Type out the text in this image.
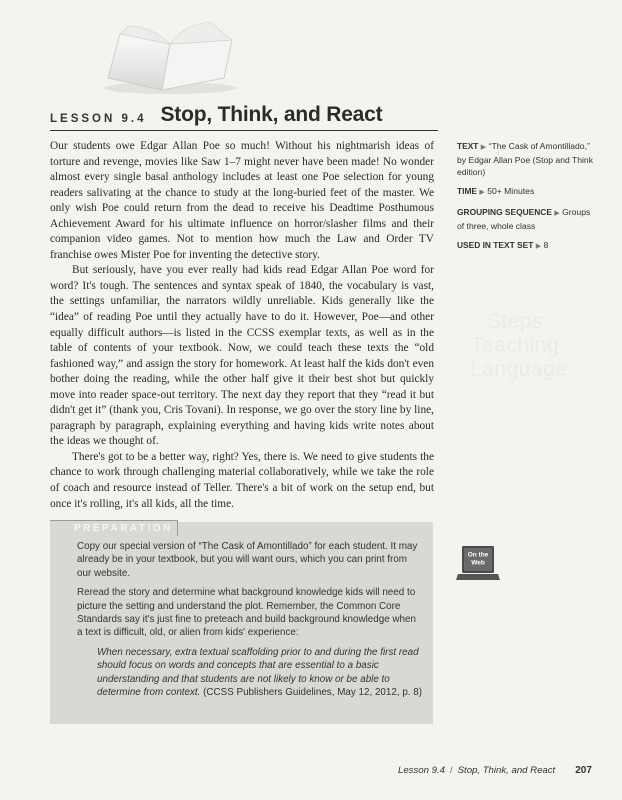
LESSON 9.4 Stop, Think, and React

Our students owe Edgar Allan Poe so much! Without his nightmarish ideas of torture and revenge, movies like Saw 1–7 might never have been made! No wonder almost every single basal anthology includes at least one Poe selection for young readers salivating at the chance to study at the long-buried feet of the master. We only wish Poe could return from the dead to receive his Deadtime Posthumous Achievement Award for his ultimate influence on horror/slasher films and their companion video games. Not to mention how much the Law and Order TV franchise owes Mister Poe for inventing the detective story.

But seriously, have you ever really had kids read Edgar Allan Poe word for word? It's tough. The sentences and syntax speak of 1840, the vocabulary is vast, the settings unfamiliar, the narrators wildly unreliable. Kids generally like the “idea” of reading Poe until they actually have to do it. However, Poe—and other equally difficult authors—is listed in the CCSS exemplar texts, as well as in the table of contents of your textbook. Now, we could teach these texts the “old fashioned way,” and assign the story for homework. At least half the kids don't even bother doing the reading, while the other half give it their best shot but quickly move into reader space-out territory. The next day they report that they “read it but didn't get it” (thank you, Cris Tovani). In response, we go over the story line by line, paragraph by paragraph, explaining everything and having kids write notes about the ideas we thought of.

There's got to be a better way, right? Yes, there is. We need to give students the chance to work through challenging material collaboratively, while we take the role of coach and resource instead of Teller. There's a bit of work on the setup end, but once it's rolling, it's all kids, all the time.

TEXT ▶ “The Cask of Amontillado,” by Edgar Allan Poe (Stop and Think edition)
TIME ▶ 50+ Minutes
GROUPING SEQUENCE ▶ Groups of three, whole class
USED IN TEXT SET ▶ 8
Steps Teaching Language
PREPARATION

Copy our special version of “The Cask of Amontillado” for each student. It may already be in your textbook, but you will want ours, which you can print from our website.

Reread the story and determine what background knowledge kids will need to picture the setting and understand the plot. Remember, the Common Core Standards say it's just fine to preteach and build background knowledge when a text is difficult, old, or alien from kids' experience:

When necessary, extra textual scaffolding prior to and during the first read should focus on words and concepts that are essential to a basic understanding and that students are not likely to know or be able to determine from context. (CCSS Publishers Guidelines, May 12, 2012, p. 8)

On the
Web
Lesson 9.4 / Stop, Think, and React 207
